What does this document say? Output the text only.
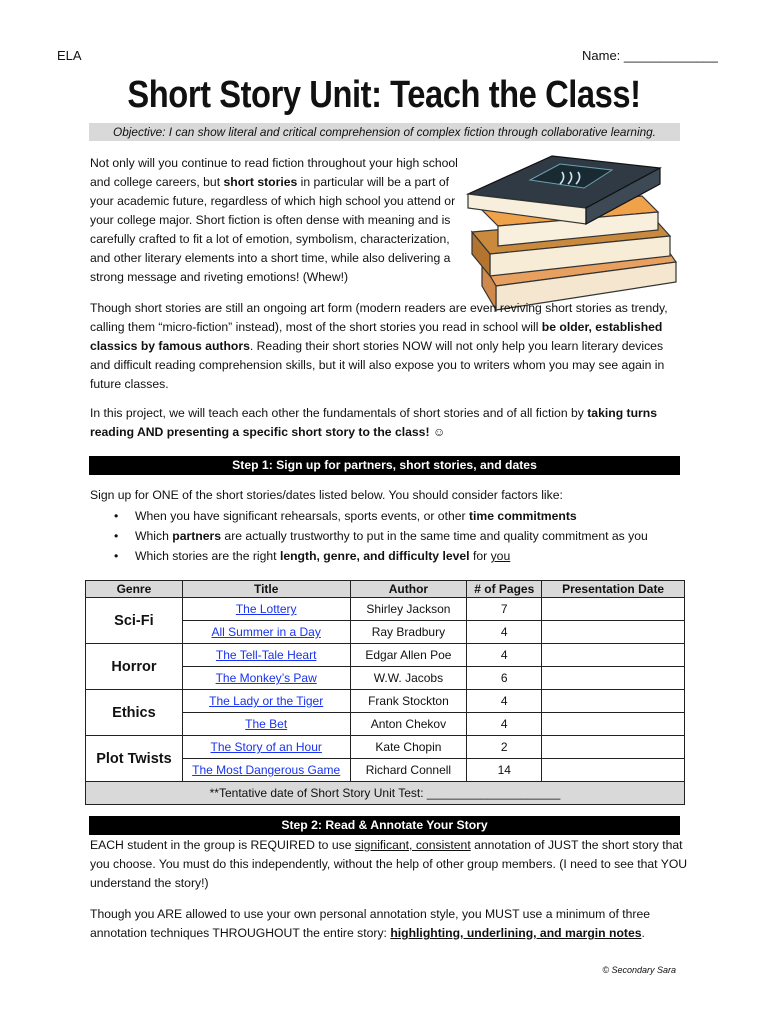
ELA	Name: _____________
Short Story Unit: Teach the Class!
Objective: I can show literal and critical comprehension of complex fiction through collaborative learning.

Not only will you continue to read fiction throughout your high school and college careers, but short stories in particular will be a part of your academic future, regardless of which high school you attend or your college major. Short fiction is often dense with meaning and is carefully crafted to fit a lot of emotion, symbolism, characterization, and other literary elements into a short time, while also delivering a strong message and riveting emotions! (Whew!)

Though short stories are still an ongoing art form (modern readers are even reviving short stories as trendy, calling them “micro-fiction” instead), most of the short stories you read in school will be older, established classics by famous authors. Reading their short stories NOW will not only help you learn literary devices and difficult reading comprehension skills, but it will also expose you to writers whom you may see again in future classes.

In this project, we will teach each other the fundamentals of short stories and of all fiction by taking turns reading AND presenting a specific short story to the class! ☺

Step 1: Sign up for partners, short stories, and dates
Sign up for ONE of the short stories/dates listed below. You should consider factors like:
• When you have significant rehearsals, sports events, or other time commitments
• Which partners are actually trustworthy to put in the same time and quality commitment as you
• Which stories are the right length, genre, and difficulty level for you
Genre	Title	Author	# of Pages	Presentation Date
Sci-Fi	The Lottery	Shirley Jackson	7	
	All Summer in a Day	Ray Bradbury	4	
Horror	The Tell-Tale Heart	Edgar Allen Poe	4	
	The Monkey’s Paw	W.W. Jacobs	6	
Ethics	The Lady or the Tiger	Frank Stockton	4	
	The Bet	Anton Chekov	4	
Plot Twists	The Story of an Hour	Kate Chopin	2	
	The Most Dangerous Game	Richard Connell	14	
**Tentative date of Short Story Unit Test: ____________________				
Step 2: Read & Annotate Your Story

EACH student in the group is REQUIRED to use significant, consistent annotation of JUST the short story that you choose. You must do this independently, without the help of other group members. (I need to see that YOU understand the story!)

Though you ARE allowed to use your own personal annotation style, you MUST use a minimum of three annotation techniques THROUGHOUT the entire story: highlighting, underlining, and margin notes.

© Secondary Sara
